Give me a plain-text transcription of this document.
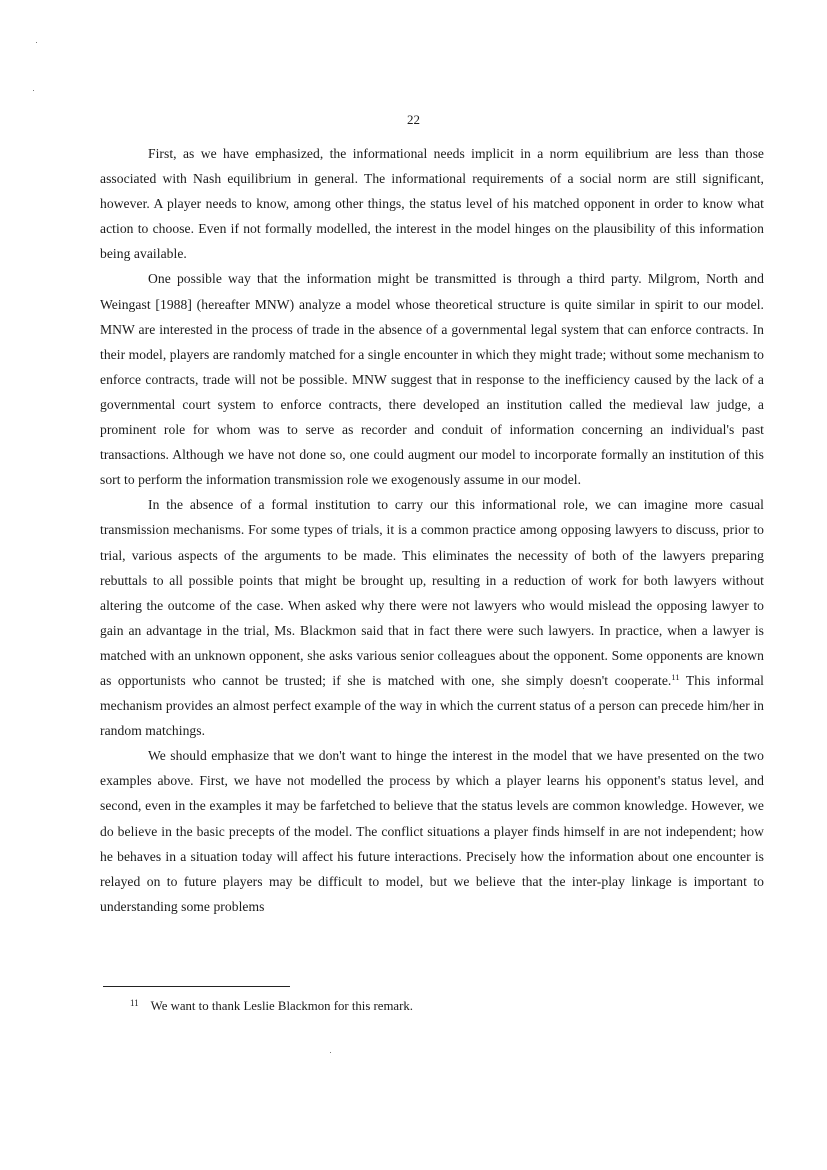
22

First, as we have emphasized, the informational needs implicit in a norm equilibrium are less than those associated with Nash equilibrium in general. The informational requirements of a social norm are still significant, however. A player needs to know, among other things, the status level of his matched opponent in order to know what action to choose. Even if not formally modelled, the interest in the model hinges on the plausibility of this information being available.

One possible way that the information might be transmitted is through a third party. Milgrom, North and Weingast [1988] (hereafter MNW) analyze a model whose theoretical structure is quite similar in spirit to our model. MNW are interested in the process of trade in the absence of a governmental legal system that can enforce contracts. In their model, players are randomly matched for a single encounter in which they might trade; without some mechanism to enforce contracts, trade will not be possible. MNW suggest that in response to the inefficiency caused by the lack of a governmental court system to enforce contracts, there developed an institution called the medieval law judge, a prominent role for whom was to serve as recorder and conduit of information concerning an individual's past transactions. Although we have not done so, one could augment our model to incorporate formally an institution of this sort to perform the information transmission role we exogenously assume in our model.

In the absence of a formal institution to carry our this informational role, we can imagine more casual transmission mechanisms. For some types of trials, it is a common practice among opposing lawyers to discuss, prior to trial, various aspects of the arguments to be made. This eliminates the necessity of both of the lawyers preparing rebuttals to all possible points that might be brought up, resulting in a reduction of work for both lawyers without altering the outcome of the case. When asked why there were not lawyers who would mislead the opposing lawyer to gain an advantage in the trial, Ms. Blackmon said that in fact there were such lawyers. In practice, when a lawyer is matched with an unknown opponent, she asks various senior colleagues about the opponent. Some opponents are known as opportunists who cannot be trusted; if she is matched with one, she simply doesn't cooperate.$^{11}$ This informal mechanism provides an almost perfect example of the way in which the current status of a person can precede him/her in random matchings.

We should emphasize that we don't want to hinge the interest in the model that we have presented on the two examples above. First, we have not modelled the process by which a player learns his opponent's status level, and second, even in the examples it may be farfetched to believe that the status levels are common knowledge. However, we do believe in the basic precepts of the model. The conflict situations a player finds himself in are not independent; how he behaves in a situation today will affect his future interactions. Precisely how the information about one encounter is relayed on to future players may be difficult to model, but we believe that the inter-play linkage is important to understanding some problems

$^{11}$ We want to thank Leslie Blackmon for this remark.
